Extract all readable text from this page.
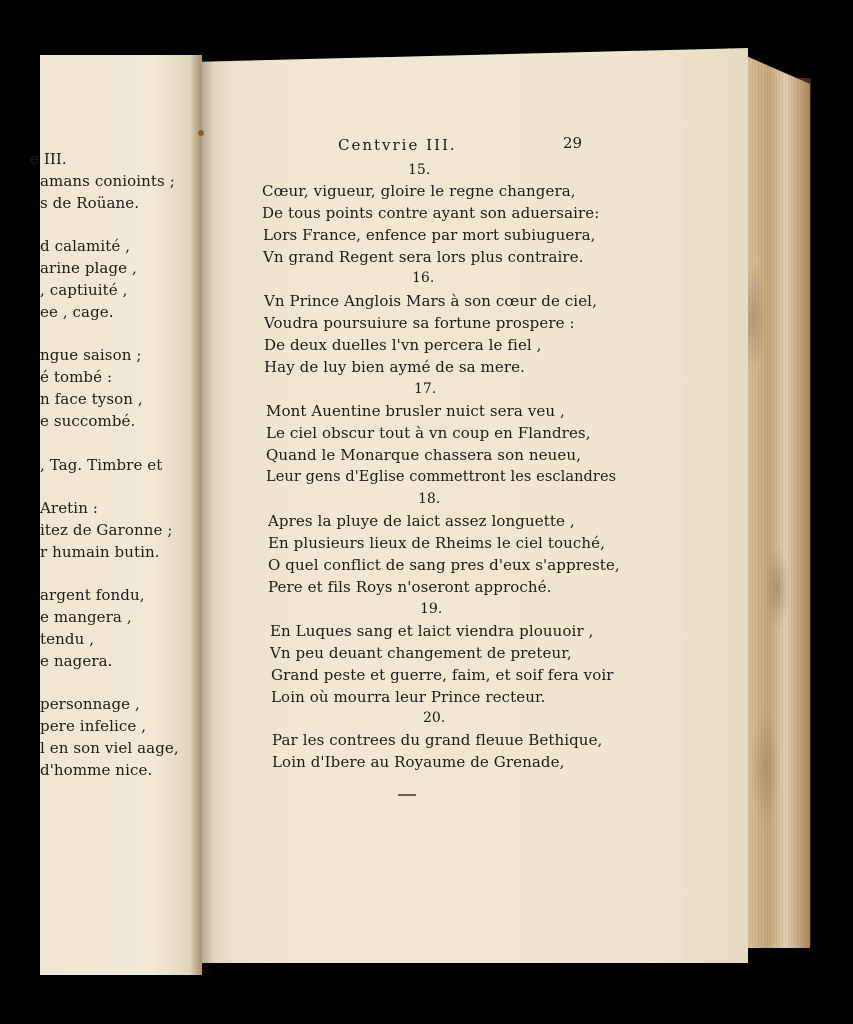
e III.
amans conioints ;
s de Roüane.
d calamité ,
arine plage ,
, captiuité ,
ee , cage.
ngue saison ;
é tombé :
n face tyson ,
e succombé.
, Tag. Timbre et
Aretin :
itez de Garonne ;
r humain butin.
argent fondu,
e mangera ,
tendu ,
e nagera.
personnage ,
pere infelice ,
l en son viel aage,
d'homme nice.
Centvrie III.	29
15.
Cœur, vigueur, gloire le regne changera,
De tous points contre ayant son aduersaire:
Lors France, enfence par mort subiuguera,
Vn grand Regent sera lors plus contraire.
16.
Vn Prince Anglois Mars à son cœur de ciel,
Voudra poursuiure sa fortune prospere :
De deux duelles l'vn percera le fiel ,
Hay de luy bien aymé de sa mere.
17.
Mont Auentine brusler nuict sera veu ,
Le ciel obscur tout à vn coup en Flandres,
Quand le Monarque chassera son neueu,
Leur gens d'Eglise commettront les esclandres
18.
Apres la pluye de laict assez longuette ,
En plusieurs lieux de Rheims le ciel touché,
O quel conflict de sang pres d'eux s'appreste,
Pere et fils Roys n'oseront approché.
19.
En Luques sang et laict viendra plouuoir ,
Vn peu deuant changement de preteur,
Grand peste et guerre, faim, et soif fera voir
Loin où mourra leur Prince recteur.
20.
Par les contrees du grand fleuue Bethique,
Loin d'Ibere au Royaume de Grenade,
